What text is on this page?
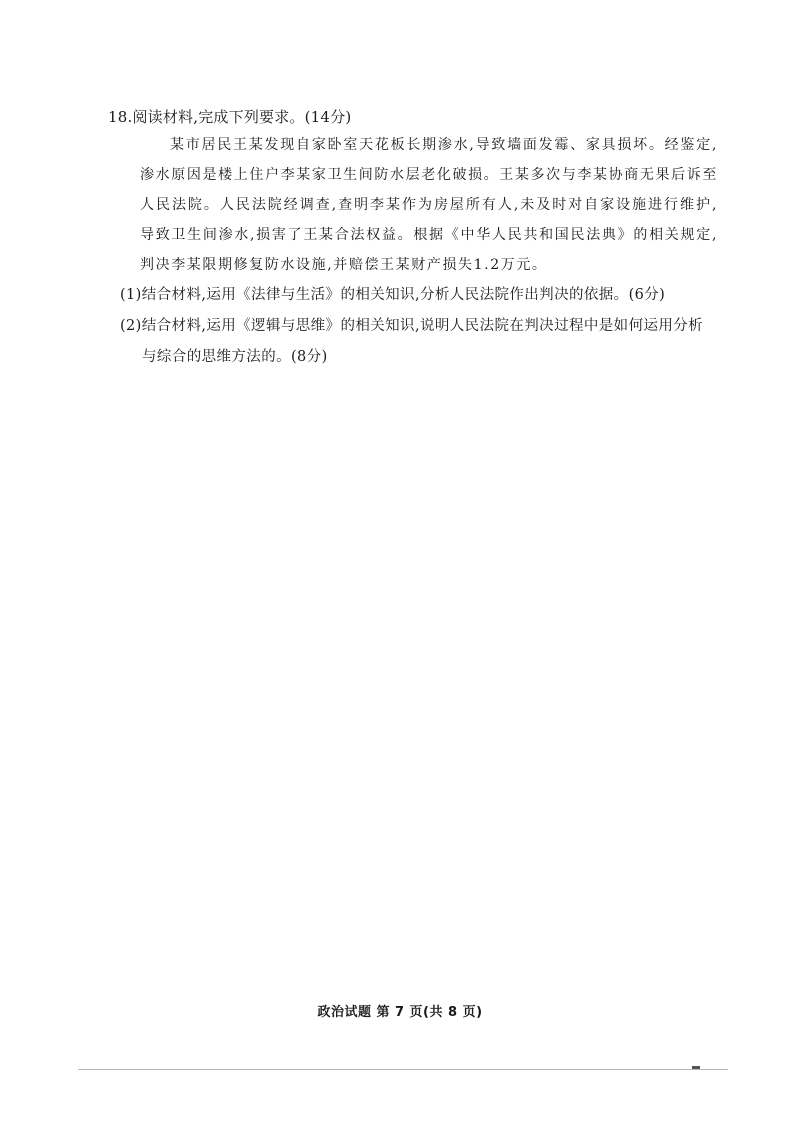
18.阅读材料,完成下列要求。(14分)

某市居民王某发现自家卧室天花板长期渗水,导致墙面发霉、家具损坏。经鉴定,渗水原因是楼上住户李某家卫生间防水层老化破损。王某多次与李某协商无果后诉至人民法院。人民法院经调查,查明李某作为房屋所有人,未及时对自家设施进行维护,导致卫生间渗水,损害了王某合法权益。根据《中华人民共和国民法典》的相关规定,判决李某限期修复防水设施,并赔偿王某财产损失1.2万元。

(1)结合材料,运用《法律与生活》的相关知识,分析人民法院作出判决的依据。(6分)

(2)结合材料,运用《逻辑与思维》的相关知识,说明人民法院在判决过程中是如何运用分析
与综合的思维方法的。(8分)

政治试题 第 7 页(共 8 页)
